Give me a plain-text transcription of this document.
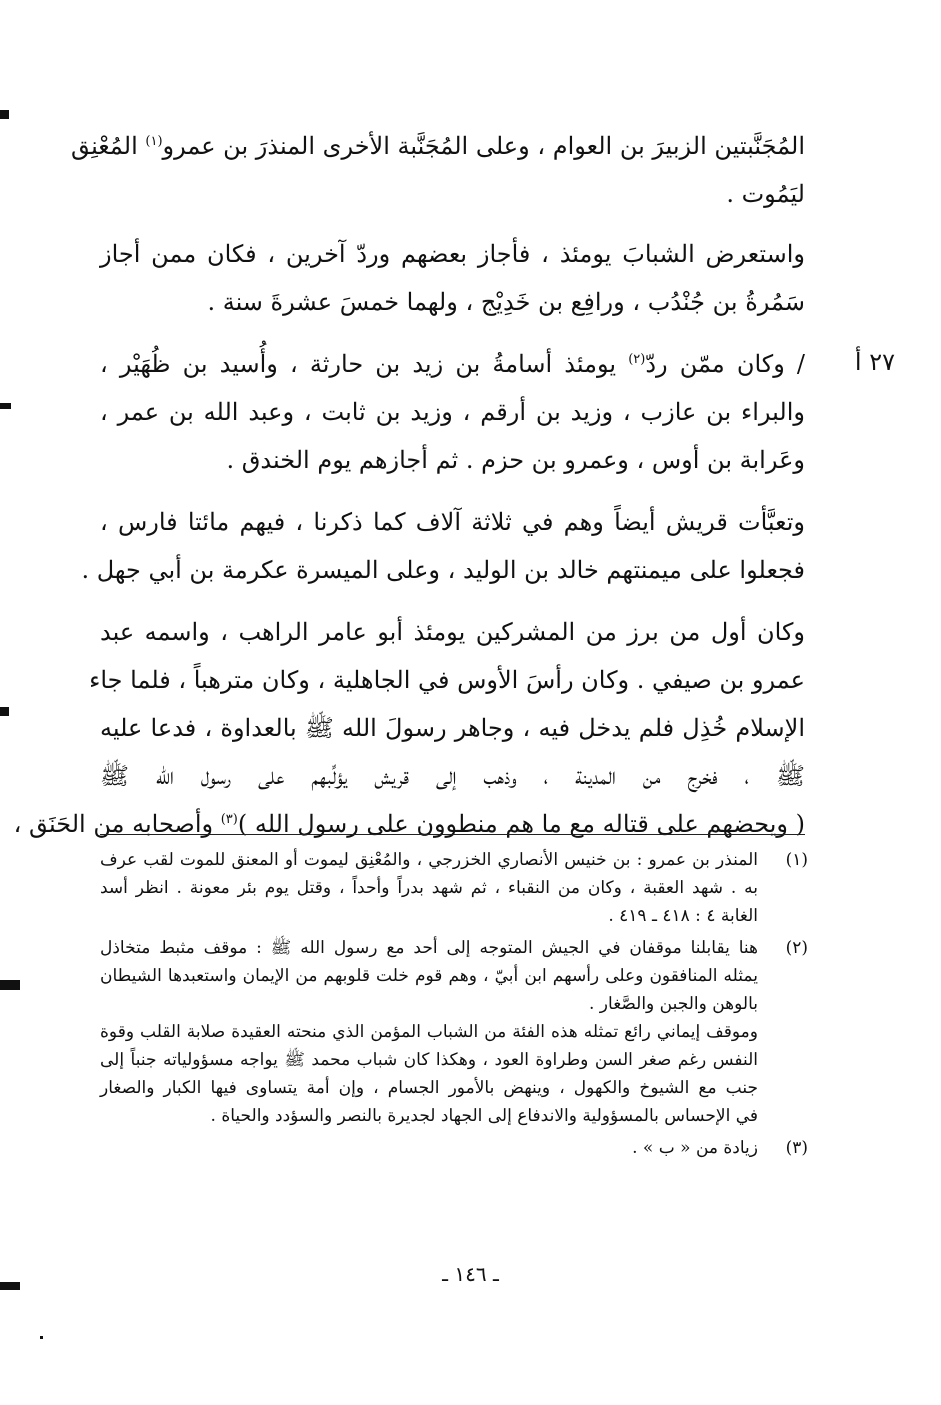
المُجَنَّبتين الزبيرَ بن العوام ، وعلى المُجَنَّبة الأخرى المنذرَ بن عمرو$^{(١)}$ المُعْنِق
ليَمُوت .
واستعرض الشبابَ يومئذ ، فأجاز بعضهم وردّ آخرين ، فكان ممن أجاز
سَمُرةُ بن جُنْدُب ، ورافِع بن خَدِيْج ، ولهما خمسَ عشرةَ سنة .
/ وكان ممّن ردّ$^{(٢)}$ يومئذ أسامةُ بن زيد بن حارثة ، وأُسيد بن ظُهَيْر ،
والبراء بن عازب ، وزيد بن أرقم ، وزيد بن ثابت ، وعبد الله بن عمر ،
وعَرابة بن أوس ، وعمرو بن حزم . ثم أجازهم يوم الخندق .
وتعبَّأت قريش أيضاً وهم في ثلاثة آلاف كما ذكرنا ، فيهم مائتا فارس ،
فجعلوا على ميمنتهم خالد بن الوليد ، وعلى الميسرة عكرمة بن أبي جهل .
وكان أول من برز من المشركين يومئذ أبو عامر الراهب ، واسمه عبد
عمرو بن صيفي . وكان رأسَ الأوس في الجاهلية ، وكان مترهباً ، فلما جاء
الإسلام خُذِل فلم يدخل فيه ، وجاهر رسولَ الله ﷺ بالعداوة ، فدعا عليه
ﷺ ، فخرج من المدينة ، وذهب إلى قريش يؤلِّبهم على رسول الله ﷺ
( ويحضهم على قتاله مع ما هم منطوون على رسول الله )$^{(٣)}$ وأصحابه من الحَنَق ،
٢٧ أ
(١)
المنذر بن عمرو : بن خنيس الأنصاري الخزرجي ، والمُعْنِق ليموت أو المعنق للموت لقب عرف
به . شهد العقبة ، وكان من النقباء ، ثم شهد بدراً وأحداً ، وقتل يوم بئر معونة . انظر أسد
الغابة ٤ : ٤١٨ ـ ٤١٩ .
(٢)
هنا يقابلنا موقفان في الجيش المتوجه إلى أحد مع رسول الله ﷺ : موقف مثبط متخاذل
يمثله المنافقون وعلى رأسهم ابن أبيّ ، وهم قوم خلت قلوبهم من الإيمان واستعبدها الشيطان
بالوهن والجبن والصَّغار .
وموقف إيماني رائع تمثله هذه الفئة من الشباب المؤمن الذي منحته العقيدة صلابة القلب وقوة
النفس رغم صغر السن وطراوة العود ، وهكذا كان شباب محمد ﷺ يواجه مسؤولياته جنباً إلى
جنب مع الشيوخ والكهول ، وينهض بالأمور الجسام ، وإن أمة يتساوى فيها الكبار والصغار
في الإحساس بالمسؤولية والاندفاع إلى الجهاد لجديرة بالنصر والسؤدد والحياة .
(٣)
زيادة من « ب » .
ـ ١٤٦ ـ
